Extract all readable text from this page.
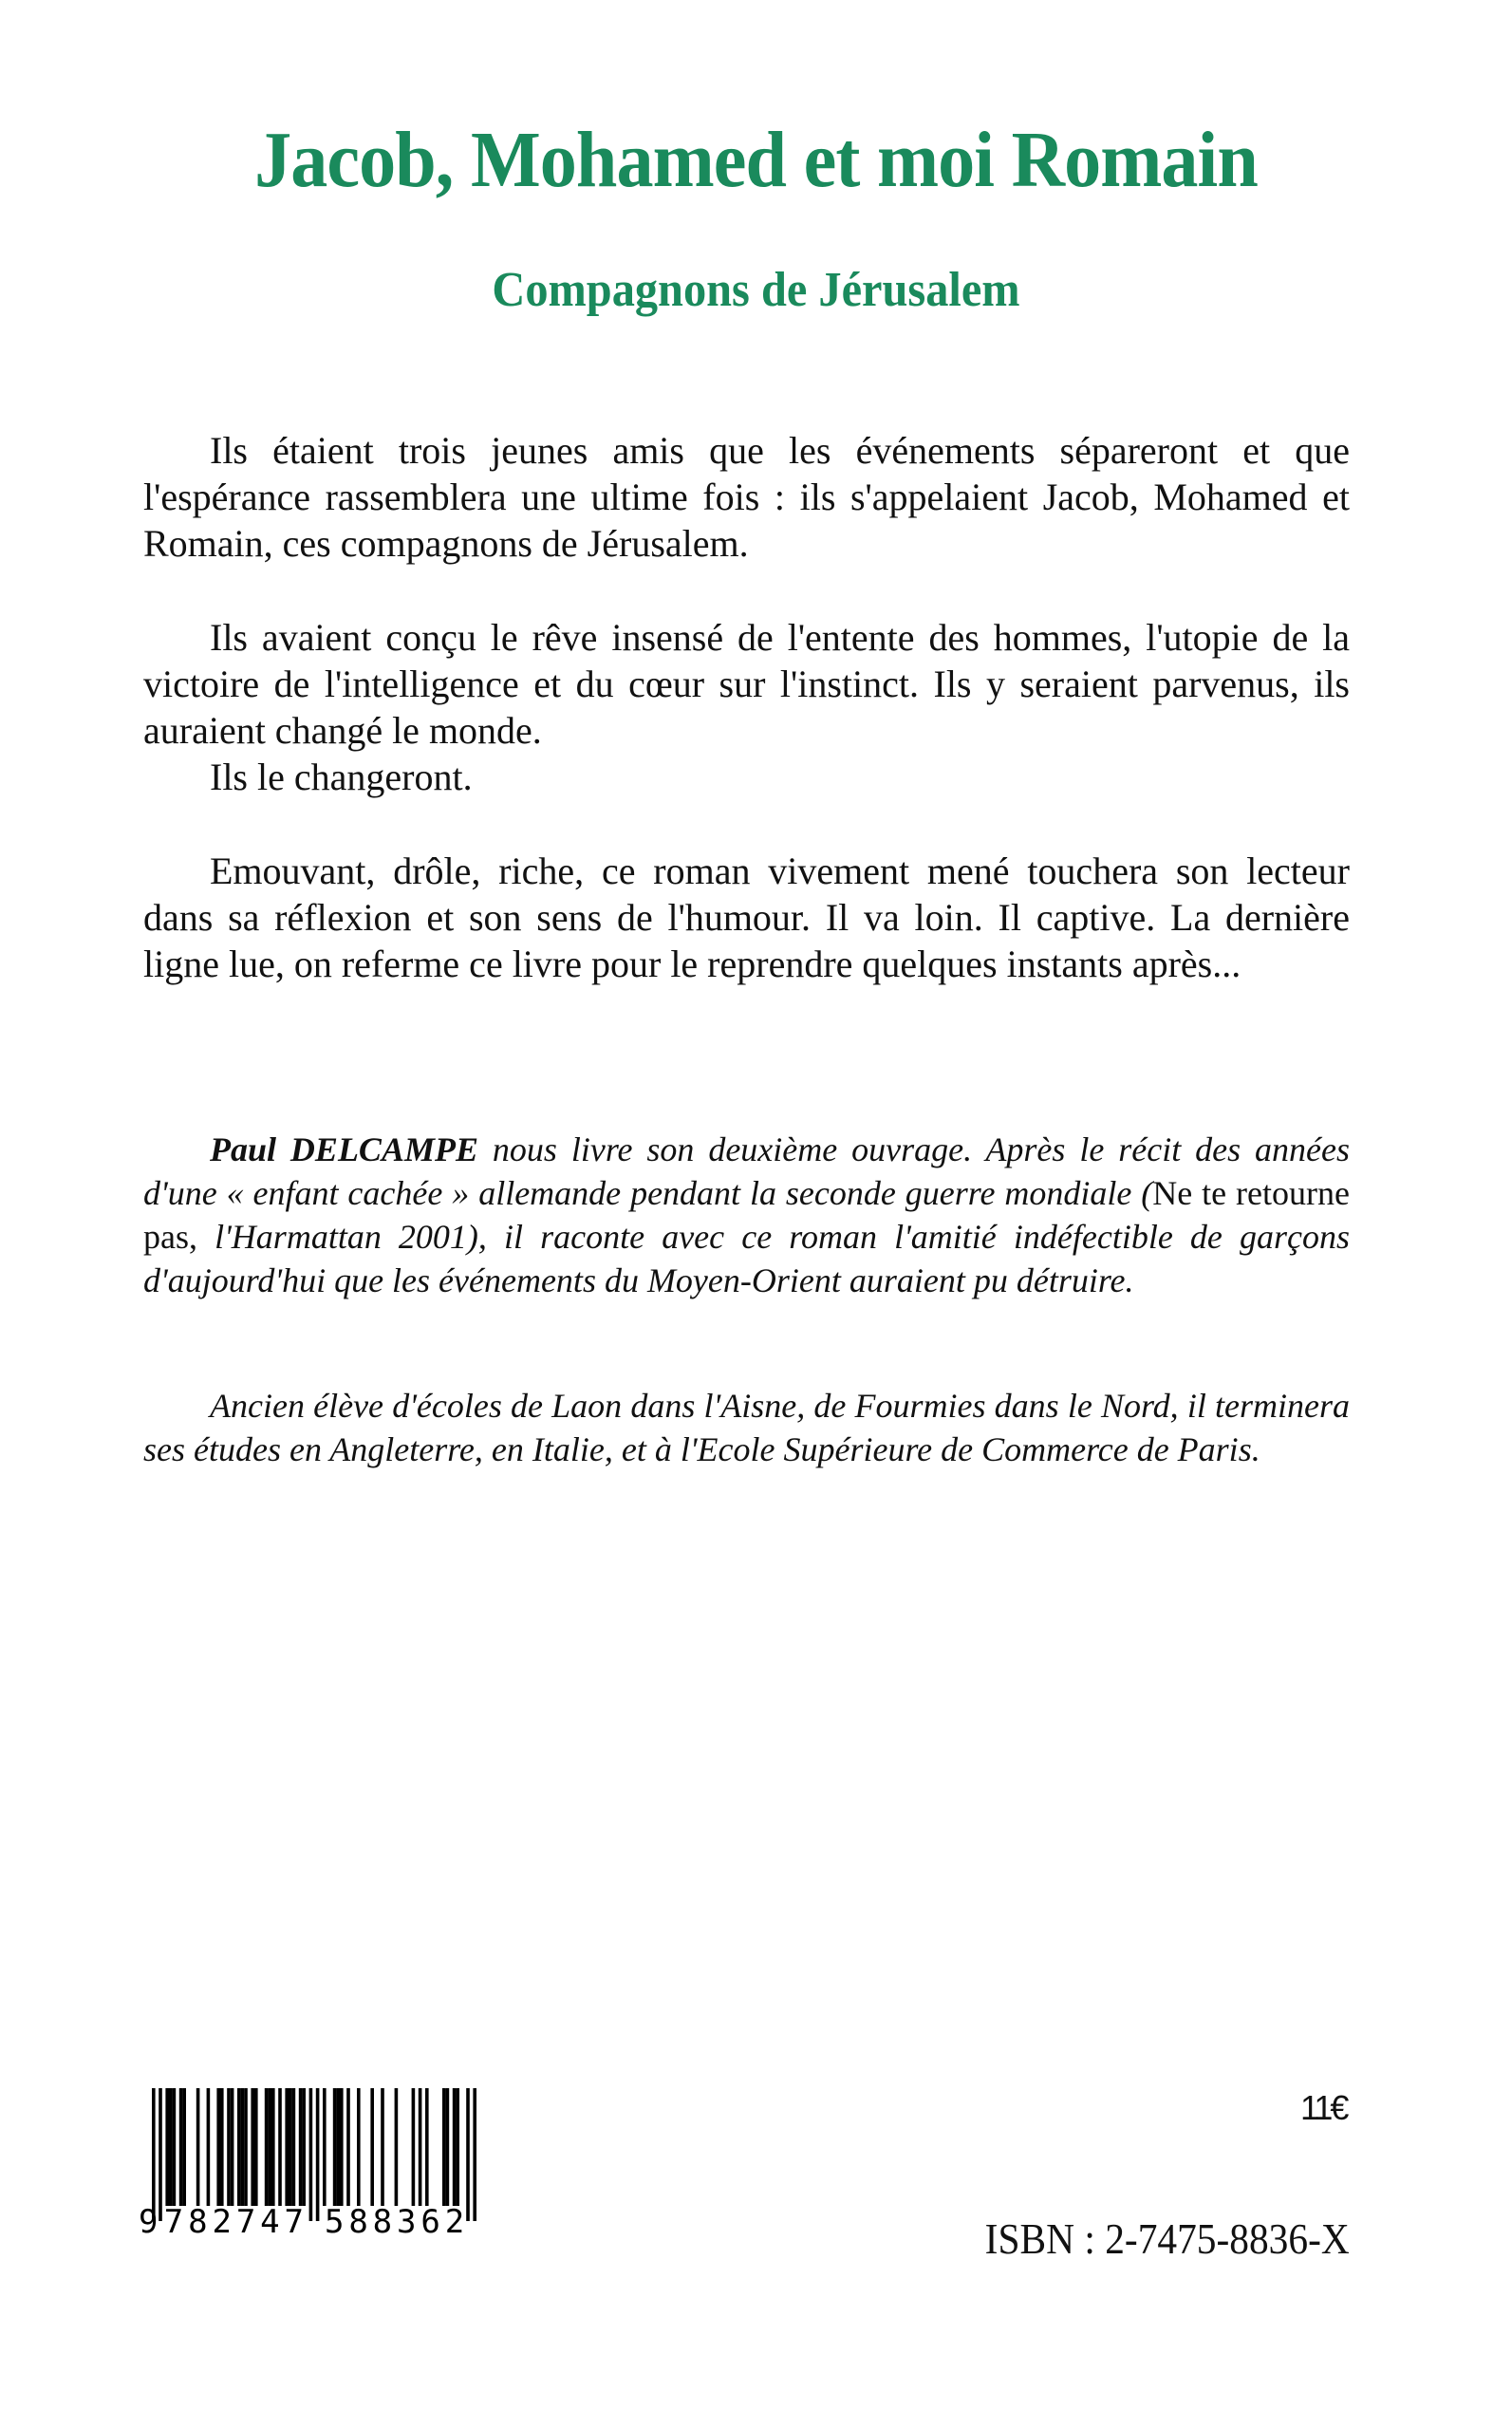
Jacob, Mohamed et moi Romain
Compagnons de Jérusalem

Ils étaient trois jeunes amis que les événements sépareront et que l'espérance rassemblera une ultime fois : ils s'appelaient Jacob, Mohamed et Romain, ces compagnons de Jérusalem.

Ils avaient conçu le rêve insensé de l'entente des hommes, l'utopie de la victoire de l'intelligence et du cœur sur l'instinct. Ils y seraient parvenus, ils auraient changé le monde.

Ils le changeront.

Emouvant, drôle, riche, ce roman vivement mené touchera son lecteur dans sa réflexion et son sens de l'humour. Il va loin. Il captive. La dernière ligne lue, on referme ce livre pour le reprendre quelques instants après...

Paul DELCAMPE nous livre son deuxième ouvrage. Après le récit des années d'une « enfant cachée » allemande pendant la seconde guerre mondiale (Ne te retourne pas, l'Harmattan 2001), il raconte avec ce roman l'amitié indéfectible de garçons d'aujourd'hui que les événements du Moyen-Orient auraient pu détruire.

Ancien élève d'écoles de Laon dans l'Aisne, de Fourmies dans le Nord, il terminera ses études en Angleterre, en Italie, et à l'Ecole Supérieure de Commerce de Paris.

9 782747 588362
11€
ISBN : 2-7475-8836-X
